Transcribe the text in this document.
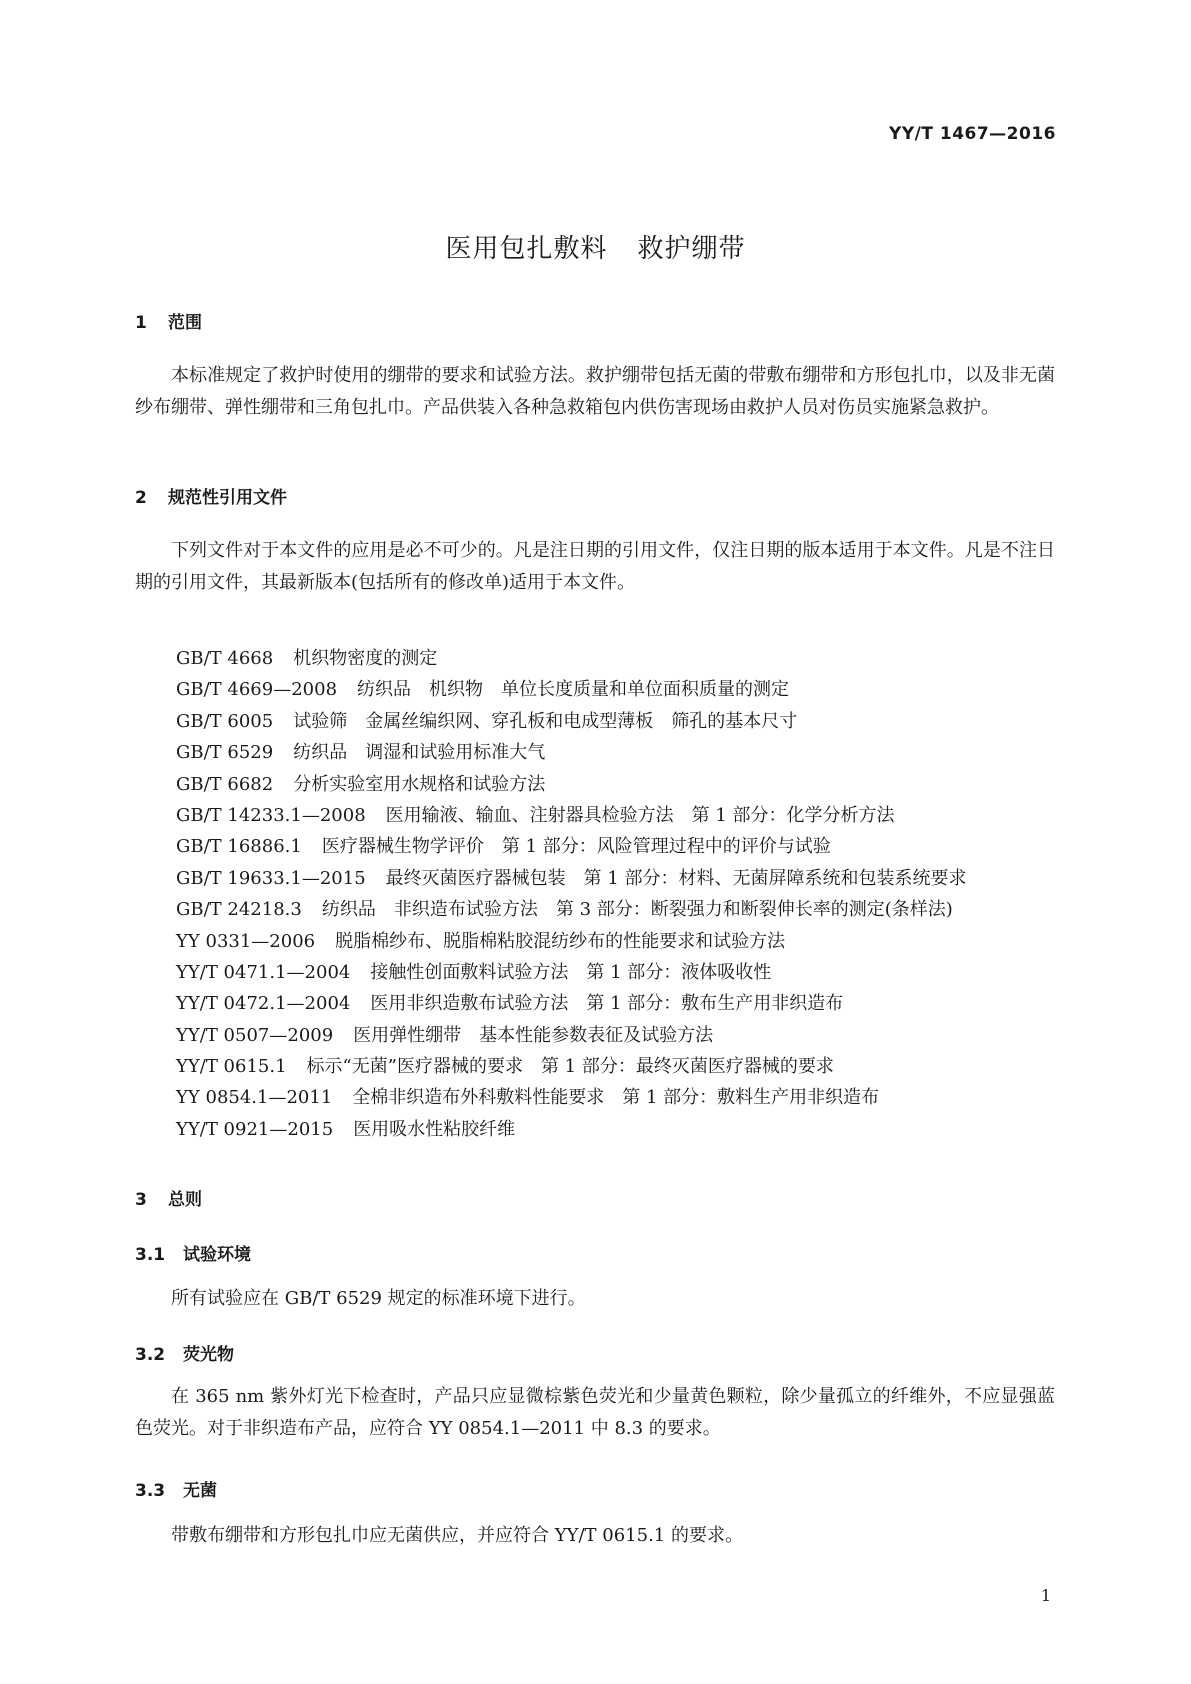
YY/T 1467—2016
医用包扎敷料 救护绷带
1 范围
本标准规定了救护时使用的绷带的要求和试验方法。救护绷带包括无菌的带敷布绷带和方形包扎巾，以及非无菌纱布绷带、弹性绷带和三角包扎巾。产品供装入各种急救箱包内供伤害现场由救护人员对伤员实施紧急救护。
2 规范性引用文件
下列文件对于本文件的应用是必不可少的。凡是注日期的引用文件，仅注日期的版本适用于本文件。凡是不注日期的引用文件，其最新版本(包括所有的修改单)适用于本文件。
GB/T 4668 机织物密度的测定
GB/T 4669—2008 纺织品　机织物　单位长度质量和单位面积质量的测定
GB/T 6005 试验筛　金属丝编织网、穿孔板和电成型薄板　筛孔的基本尺寸
GB/T 6529 纺织品　调湿和试验用标准大气
GB/T 6682 分析实验室用水规格和试验方法
GB/T 14233.1—2008 医用输液、输血、注射器具检验方法　第 1 部分：化学分析方法
GB/T 16886.1 医疗器械生物学评价　第 1 部分：风险管理过程中的评价与试验
GB/T 19633.1—2015 最终灭菌医疗器械包装　第 1 部分：材料、无菌屏障系统和包装系统要求
GB/T 24218.3 纺织品　非织造布试验方法　第 3 部分：断裂强力和断裂伸长率的测定(条样法)
YY 0331—2006 脱脂棉纱布、脱脂棉粘胶混纺纱布的性能要求和试验方法
YY/T 0471.1—2004 接触性创面敷料试验方法　第 1 部分：液体吸收性
YY/T 0472.1—2004 医用非织造敷布试验方法　第 1 部分：敷布生产用非织造布
YY/T 0507—2009 医用弹性绷带　基本性能参数表征及试验方法
YY/T 0615.1 标示“无菌”医疗器械的要求　第 1 部分：最终灭菌医疗器械的要求
YY 0854.1—2011 全棉非织造布外科敷料性能要求　第 1 部分：敷料生产用非织造布
YY/T 0921—2015 医用吸水性粘胶纤维
3 总则
3.1 试验环境
所有试验应在 GB/T 6529 规定的标准环境下进行。
3.2 荧光物
在 365 nm 紫外灯光下检查时，产品只应显微棕紫色荧光和少量黄色颗粒，除少量孤立的纤维外，不应显强蓝色荧光。对于非织造布产品，应符合 YY 0854.1—2011 中 8.3 的要求。
3.3 无菌
带敷布绷带和方形包扎巾应无菌供应，并应符合 YY/T 0615.1 的要求。
1
